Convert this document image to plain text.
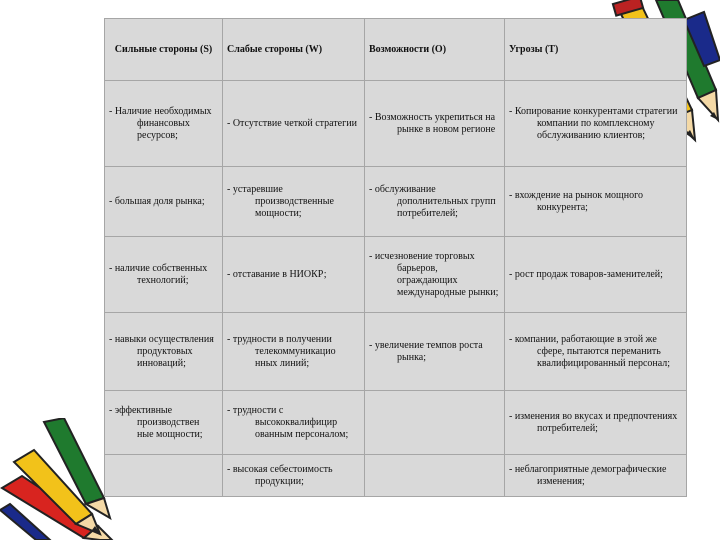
Сильные стороны (S)	Слабые стороны (W)	Возможности (O)	Угрозы (T)

- Наличие необходимых финансовых ресурсов;	- Отсутствие четкой стратегии	- Возможность укрепиться на рынке в новом регионе	- Копирование конкурентами стратегии компании по комплексному обслуживанию клиентов;

- большая доля рынка;	- устаревшие производственные мощности;	- обслуживание дополнительных групп потребителей;	- вхождение на рынок мощного конкурента;

- наличие собственных технологий;	- отставание в НИОКР;	- исчезновение торговых барьеров, ограждающих международные рынки;	- рост продаж товаров-заменителей;

- навыки осуществления продуктовых инноваций;	- трудности в получении телекоммуникацио нных линий;	- увеличение темпов роста рынка;	- компании, работающие в этой же сфере, пытаются переманить квалифицированный персонал;

- эффективные производствен ные мощности;	- трудности с высококвалифицир ованным персоналом;		- изменения во вкусах и предпочтениях потребителей;

	- высокая себестоимость продукции;		- неблагоприятные демографические изменения;
